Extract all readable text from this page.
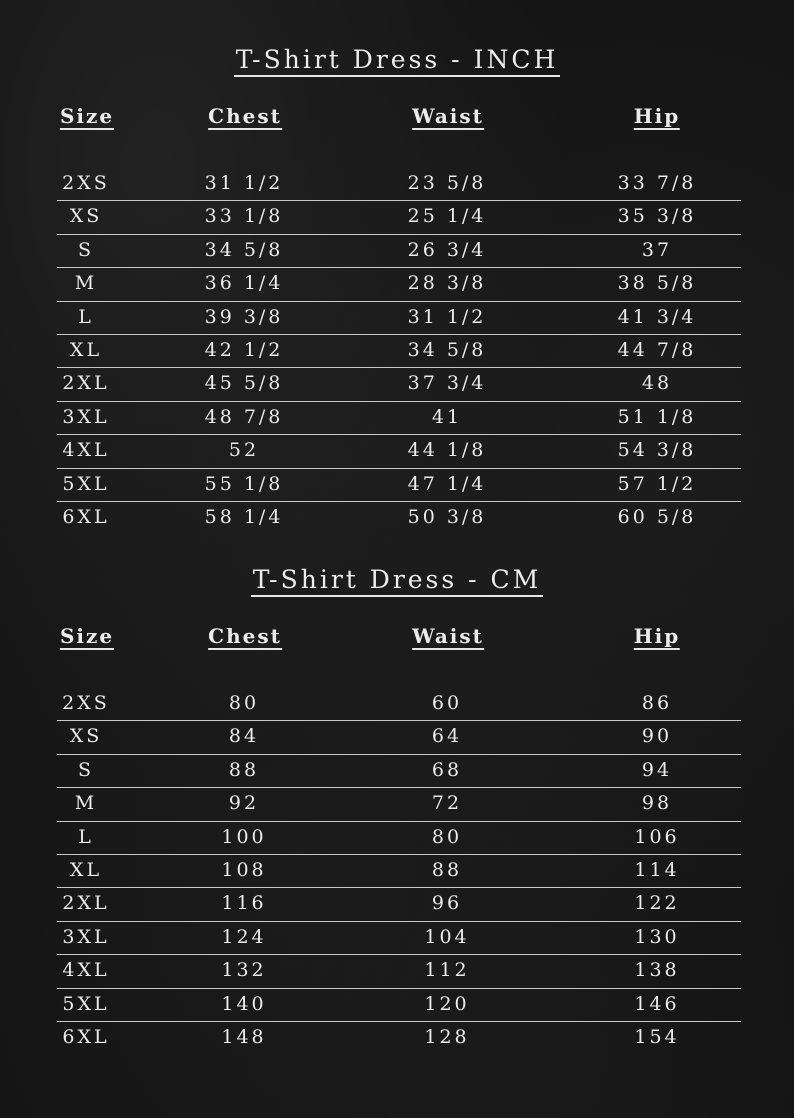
T-Shirt Dress - INCH
Size	Chest	Waist	Hip
2XS	31 1/2	23 5/8	33 7/8
XS	33 1/8	25 1/4	35 3/8
S	34 5/8	26 3/4	37
M	36 1/4	28 3/8	38 5/8
L	39 3/8	31 1/2	41 3/4
XL	42 1/2	34 5/8	44 7/8
2XL	45 5/8	37 3/4	48
3XL	48 7/8	41	51 1/8
4XL	52	44 1/8	54 3/8
5XL	55 1/8	47 1/4	57 1/2
6XL	58 1/4	50 3/8	60 5/8
T-Shirt Dress - CM
Size	Chest	Waist	Hip
2XS	80	60	86
XS	84	64	90
S	88	68	94
M	92	72	98
L	100	80	106
XL	108	88	114
2XL	116	96	122
3XL	124	104	130
4XL	132	112	138
5XL	140	120	146
6XL	148	128	154
